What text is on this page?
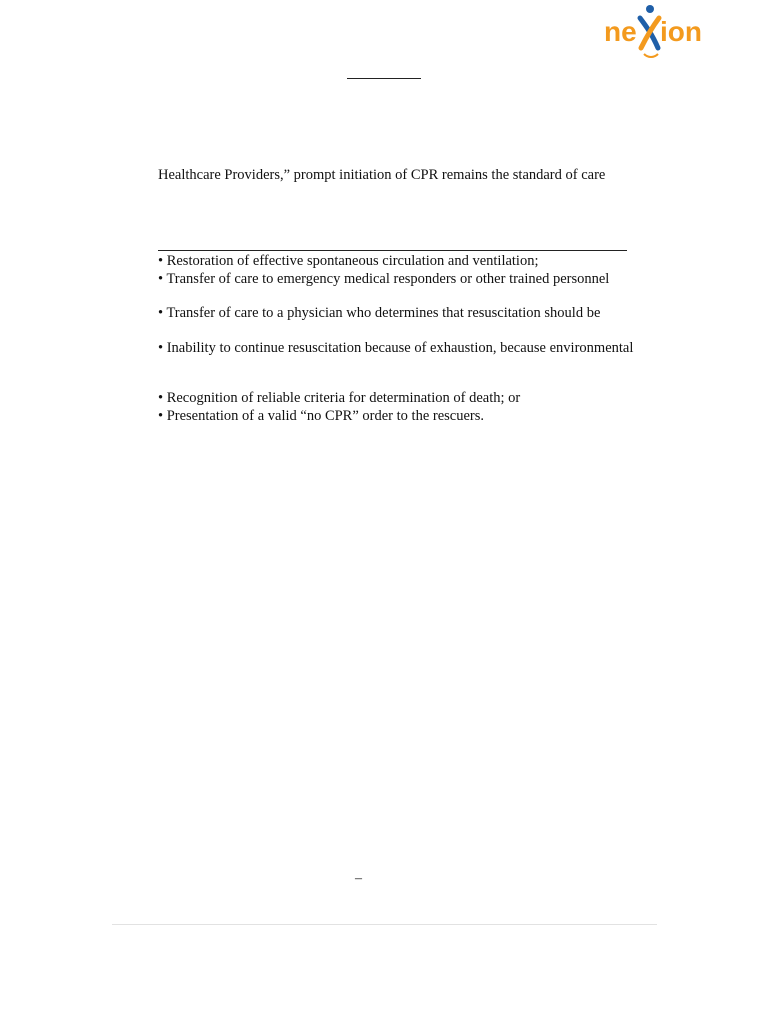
ne ion
Healthcare Providers,” prompt initiation of CPR remains the standard of care
• Restoration of effective spontaneous circulation and ventilation;
• Transfer of care to emergency medical responders or other trained personnel
• Transfer of care to a physician who determines that resuscitation should be
• Inability to continue resuscitation because of exhaustion, because environmental
• Recognition of reliable criteria for determination of death; or
• Presentation of a valid “no CPR” order to the rescuers.
–
